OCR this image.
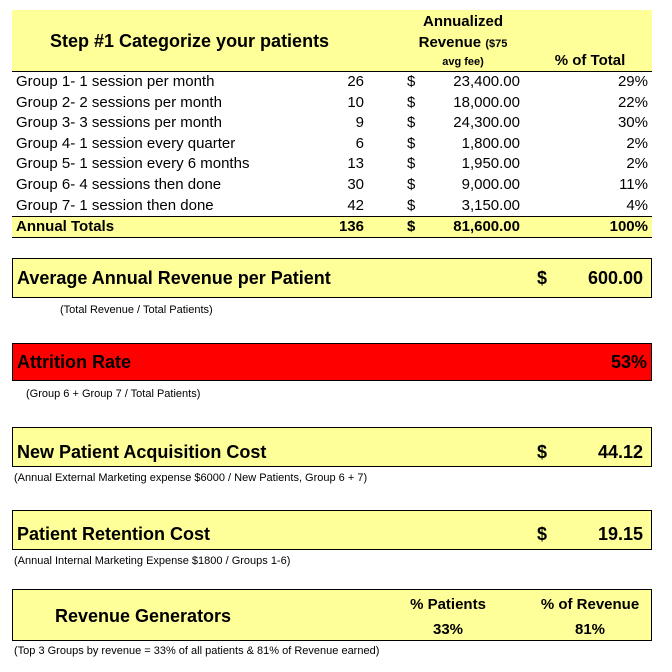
Step #1 Categorize your patients
Annualized
Revenue ($75
avg fee)	% of Total
Group 1- 1 session per month	26	$	23,400.00	29%
Group 2- 2 sessions per month	10	$	18,000.00	22%
Group 3- 3 sessions per month	9	$	24,300.00	30%
Group 4- 1 session every quarter	6	$	1,800.00	2%
Group 5- 1 session every 6 months	13	$	1,950.00	2%
Group 6- 4 sessions then done	30	$	9,000.00	11%
Group 7- 1 session then done	42	$	3,150.00	4%
Annual Totals	136	$	81,600.00	100%
Average Annual Revenue per Patient	$ 600.00
(Total Revenue / Total Patients)
Attrition Rate	53%
(Group 6 + Group 7 / Total Patients)
New Patient Acquisition Cost	$	44.12
(Annual External Marketing expense $6000 / New Patients, Group 6 + 7)
Patient Retention Cost	$	19.15
(Annual Internal Marketing Expense $1800 / Groups 1-6)
Revenue Generators
% Patients	% of Revenue
33%	81%
(Top 3 Groups by revenue = 33% of all patients & 81% of Revenue earned)
